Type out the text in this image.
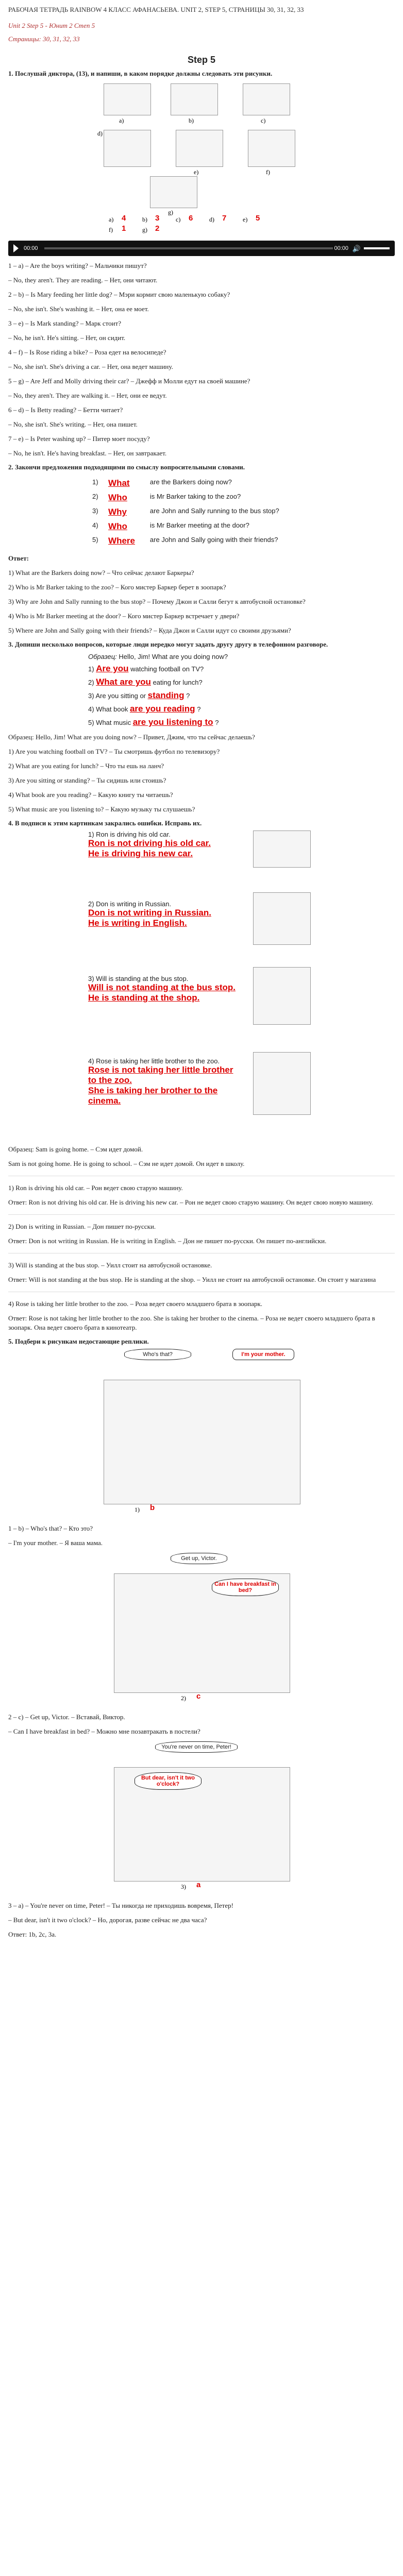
РАБОЧАЯ ТЕТРАДЬ RAINBOW 4 КЛАСС АФАНАСЬЕВА. UNIT 2, STEP 5, СТРАНИЦЫ 30, 31, 32, 33
Unit 2 Step 5 - Юнит 2 Степ 5
Страницы: 30, 31, 32, 33
Step 5
1. Послушай диктора, (13), и напиши, в каком порядке должны следовать эти рисунки.
a)	b)	c)
d)
e)	f)
g)
a) 4	b) 3	c) 6	d) 7	e) 5
f) 1	g) 2
00:00	00:00 🔊

1 – a) – Are the boys writing? – Мальчики пишут?

– No, they aren't. They are reading. – Нет, они читают.

2 – b) – Is Mary feeding her little dog? – Мэри кормит свою маленькую собаку?

– No, she isn't. She's washing it. – Нет, она ее моет.

3 – e) – Is Mark standing? – Марк стоит?

– No, he isn't. He's sitting. – Нет, он сидит.

4 – f) – Is Rose riding a bike? – Роза едет на велосипеде?

– No, she isn't. She's driving a car. – Нет, она ведет машину.

5 – g) – Are Jeff and Molly driving their car? – Джефф и Молли едут на своей машине?

– No, they aren't. They are walking it. – Нет, они ее ведут.

6 – d) – Is Betty reading? – Бетти читает?

– No, she isn't. She's writing. – Нет, она пишет.

7 – e) – Is Peter washing up? – Питер моет посуду?

– No, he isn't. He's having breakfast. – Нет, он завтракает.

2. Закончи предложения подходящими по смыслу вопросительными словами.
1)	What	are the Barkers doing now?
2)	Who	is Mr Barker taking to the zoo?
3)	Why	are John and Sally running to the bus stop?
4)	Who	is Mr Barker meeting at the door?
5)	Where	are John and Sally going with their friends?

Ответ:

1) What are the Barkers doing now? – Что сейчас делают Баркеры?

2) Who is Mr Barker taking to the zoo? – Кого мистер Баркер берет в зоопарк?

3) Why are John and Sally running to the bus stop? – Почему Джон и Салли бегут к автобусной остановке?

4) Who is Mr Barker meeting at the door? – Кого мистер Баркер встречает у двери?

5) Where are John and Sally going with their friends? – Куда Джон и Салли идут со своими друзьями?

3. Допиши несколько вопросов, которые люди нередко могут задать другу другу в телефонном разговоре.
Образец: Hello, Jim! What are you doing now?
1) Are you watching football on TV?
2) What are you eating for lunch?
3) Are you sitting or standing ?
4) What book are you reading ?
5) What music are you listening to ?

Образец: Hello, Jim! What are you doing now? – Привет, Джим, что ты сейчас делаешь?

1) Are you watching football on TV? – Ты смотришь футбол по телевизору?

2) What are you eating for lunch? – Что ты ешь на ланч?

3) Are you sitting or standing? – Ты сидишь или стоишь?

4) What book are you reading? – Какую книгу ты читаешь?

5) What music are you listening to? – Какую музыку ты слушаешь?

4. В подписи к этим картинкам закрались ошибки. Исправь их.
1) Ron is driving his old car.
Ron is not driving his old car.
He is driving his new car.
2) Don is writing in Russian.
Don is not writing in Russian.
He is writing in English.
3) Will is standing at the bus stop.
Will is not standing at the bus stop.
He is standing at the shop.
4) Rose is taking her little brother to the zoo.
Rose is not taking her little brother to the zoo.
She is taking her brother to the cinema.

Образец: Sam is going home. – Сэм идет домой.

Sam is not going home. He is going to school. – Сэм не идет домой. Он идет в школу.

1) Ron is driving his old car. – Рон ведет свою старую машину.

Ответ: Ron is not driving his old car. He is driving his new car. – Рон не ведет свою старую машину. Он ведет свою новую машину.

2) Don is writing in Russian. – Дон пишет по-русски.

Ответ: Don is not writing in Russian. He is writing in English. – Дон не пишет по-русски. Он пишет по-английски.

3) Will is standing at the bus stop. – Уилл стоит на автобусной остановке.

Ответ: Will is not standing at the bus stop. He is standing at the shop. – Уилл не стоит на автобусной остановке. Он стоит у магазина

4) Rose is taking her little brother to the zoo. – Роза ведет своего младшего брата в зоопарк.

Ответ: Rose is not taking her little brother to the zoo. She is taking her brother to the cinema. – Роза не ведет своего младшего брата в зоопарк. Она ведет своего брата в кинотеатр.

5. Подбери к рисункам недостающие реплики.
Who's that?	I'm your mother.
1) b

1 – b) – Who's that? – Кто это?

– I'm your mother. – Я ваша мама.

Get up, Victor.
Can I have breakfast in bed?
2) c

2 – c) – Get up, Victor. – Вставай, Виктор.

– Can I have breakfast in bed? – Можно мне позавтракать в постели?

You're never on time, Peter!
But dear, isn't it two o'clock?
3) a

3 – a) – You're never on time, Peter! – Ты никогда не приходишь вовремя, Петер!

– But dear, isn't it two o'clock? – Но, дорогая, разве сейчас не два часа?

Ответ: 1b, 2c, 3a.
